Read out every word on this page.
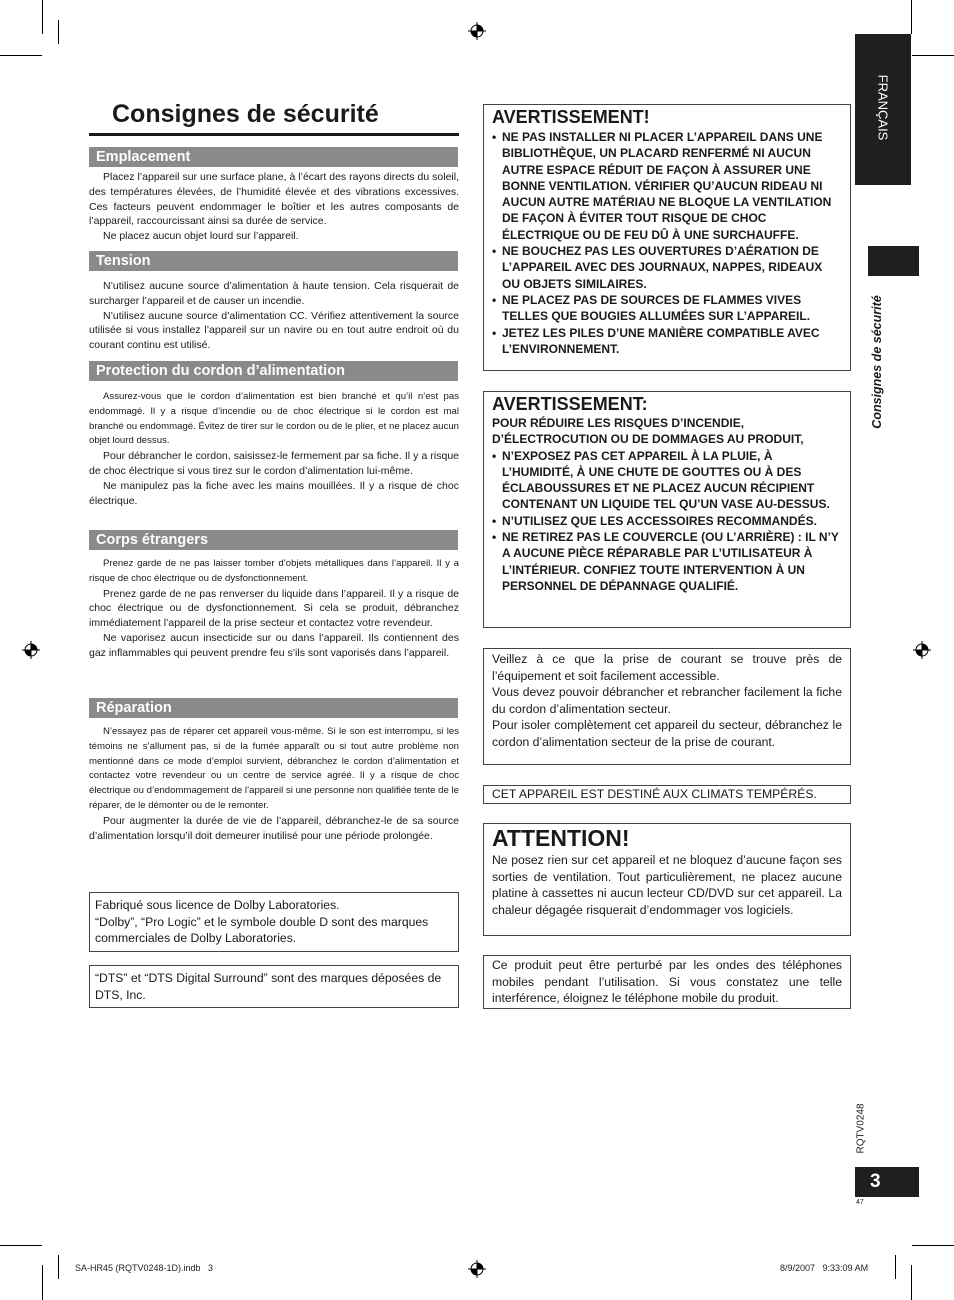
Consignes de sécurité
Emplacement

Placez l’appareil sur une surface plane, à l’écart des rayons directs du soleil, des températures élevées, de l’humidité élevée et des vibrations excessives. Ces facteurs peuvent endommager le boîtier et les autres composants de l’appareil, raccourcissant ainsi sa durée de service.

Ne placez aucun objet lourd sur l’appareil.

Tension

N’utilisez aucune source d’alimentation à haute tension. Cela risquerait de surcharger l’appareil et de causer un incendie.

N’utilisez aucune source d’alimentation CC. Vérifiez attentivement la source utilisée si vous installez l’appareil sur un navire ou en tout autre endroit où du courant continu est utilisé.

Protection du cordon d’alimentation

Assurez-vous que le cordon d’alimentation est bien branché et qu’il n’est pas endommagé. Il y a risque d’incendie ou de choc électrique si le cordon est mal branché ou endommagé. Évitez de tirer sur le cordon ou de le plier, et ne placez aucun objet lourd dessus.

Pour débrancher le cordon, saisissez-le fermement par sa fiche. Il y a risque de choc électrique si vous tirez sur le cordon d’alimentation lui-même.

Ne manipulez pas la fiche avec les mains mouillées. Il y a risque de choc électrique.

Corps étrangers

Prenez garde de ne pas laisser tomber d’objets métalliques dans l’appareil. Il y a risque de choc électrique ou de dysfonctionnement.

Prenez garde de ne pas renverser du liquide dans l’appareil. Il y a risque de choc électrique ou de dysfonctionnement. Si cela se produit, débranchez immédiatement l’appareil de la prise secteur et contactez votre revendeur.

Ne vaporisez aucun insecticide sur ou dans l’appareil. Ils contiennent des gaz inflammables qui peuvent prendre feu s’ils sont vaporisés dans l’appareil.

Réparation

N’essayez pas de réparer cet appareil vous-même. Si le son est interrompu, si les témoins ne s’allument pas, si de la fumée apparaît ou si tout autre problème non mentionné dans ce mode d’emploi survient, débranchez le cordon d’alimentation et contactez votre revendeur ou un centre de service agréé. Il y a risque de choc électrique ou d’endommagement de l’appareil si une personne non qualifiée tente de le réparer, de le démonter ou de le remonter.

Pour augmenter la durée de vie de l’appareil, débranchez-le de sa source d’alimentation lorsqu’il doit demeurer inutilisé pour une période prolongée.

Fabriqué sous licence de Dolby Laboratories.
“Dolby”, “Pro Logic” et le symbole double D sont des marques commerciales de Dolby Laboratories.

“DTS” et “DTS Digital Surround” sont des marques déposées de DTS, Inc.

AVERTISSEMENT!

• NE PAS INSTALLER NI PLACER L’APPAREIL DANS UNE BIBLIOTHÈQUE, UN PLACARD RENFERMÉ NI AUCUN AUTRE ESPACE RÉDUIT DE FAÇON À ASSURER UNE BONNE VENTILATION. VÉRIFIER QU’AUCUN RIDEAU NI AUCUN AUTRE MATÉRIAU NE BLOQUE LA VENTILATION DE FAÇON À ÉVITER TOUT RISQUE DE CHOC ÉLECTRIQUE OU DE FEU DÛ À UNE SURCHAUFFE.
• NE BOUCHEZ PAS LES OUVERTURES D’AÉRATION DE L’APPAREIL AVEC DES JOURNAUX, NAPPES, RIDEAUX OU OBJETS SIMILAIRES.
• NE PLACEZ PAS DE SOURCES DE FLAMMES VIVES TELLES QUE BOUGIES ALLUMÉES SUR L’APPAREIL.
• JETEZ LES PILES D’UNE MANIÈRE COMPATIBLE AVEC L’ENVIRONNEMENT.

AVERTISSEMENT:

POUR RÉDUIRE LES RISQUES D’INCENDIE, D’ÉLECTROCUTION OU DE DOMMAGES AU PRODUIT,

• N’EXPOSEZ PAS CET APPAREIL À LA PLUIE, À L’HUMIDITÉ, À UNE CHUTE DE GOUTTES OU À DES ÉCLABOUSSURES ET NE PLACEZ AUCUN RÉCIPIENT CONTENANT UN LIQUIDE TEL QU’UN VASE AU-DESSUS.
• N’UTILISEZ QUE LES ACCESSOIRES RECOMMANDÉS.
• NE RETIREZ PAS LE COUVERCLE (OU L’ARRIÈRE) : IL N’Y A AUCUNE PIÈCE RÉPARABLE PAR L’UTILISATEUR À L’INTÉRIEUR. CONFIEZ TOUTE INTERVENTION À UN PERSONNEL DE DÉPANNAGE QUALIFIÉ.

Veillez à ce que la prise de courant se trouve près de l’équipement et soit facilement accessible.

Vous devez pouvoir débrancher et rebrancher facilement la fiche du cordon d’alimentation secteur.

Pour isoler complètement cet appareil du secteur, débranchez le cordon d’alimentation secteur de la prise de courant.

CET APPAREIL EST DESTINÉ AUX CLIMATS TEMPÉRÉS.

ATTENTION!

Ne posez rien sur cet appareil et ne bloquez d’aucune façon ses sorties de ventilation. Tout particulièrement, ne placez aucune platine à cassettes ni aucun lecteur CD/DVD sur cet appareil. La chaleur dégagée risquerait d’endommager vos logiciels.

Ce produit peut être perturbé par les ondes des téléphones mobiles pendant l’utilisation. Si vous constatez une telle interférence, éloignez le téléphone mobile du produit.

FRANÇAIS
Consignes de sécurité
RQTV0248
3
47
SA-HR45 (RQTV0248-1D).indb   3	8/9/2007   9:33:09 AM
